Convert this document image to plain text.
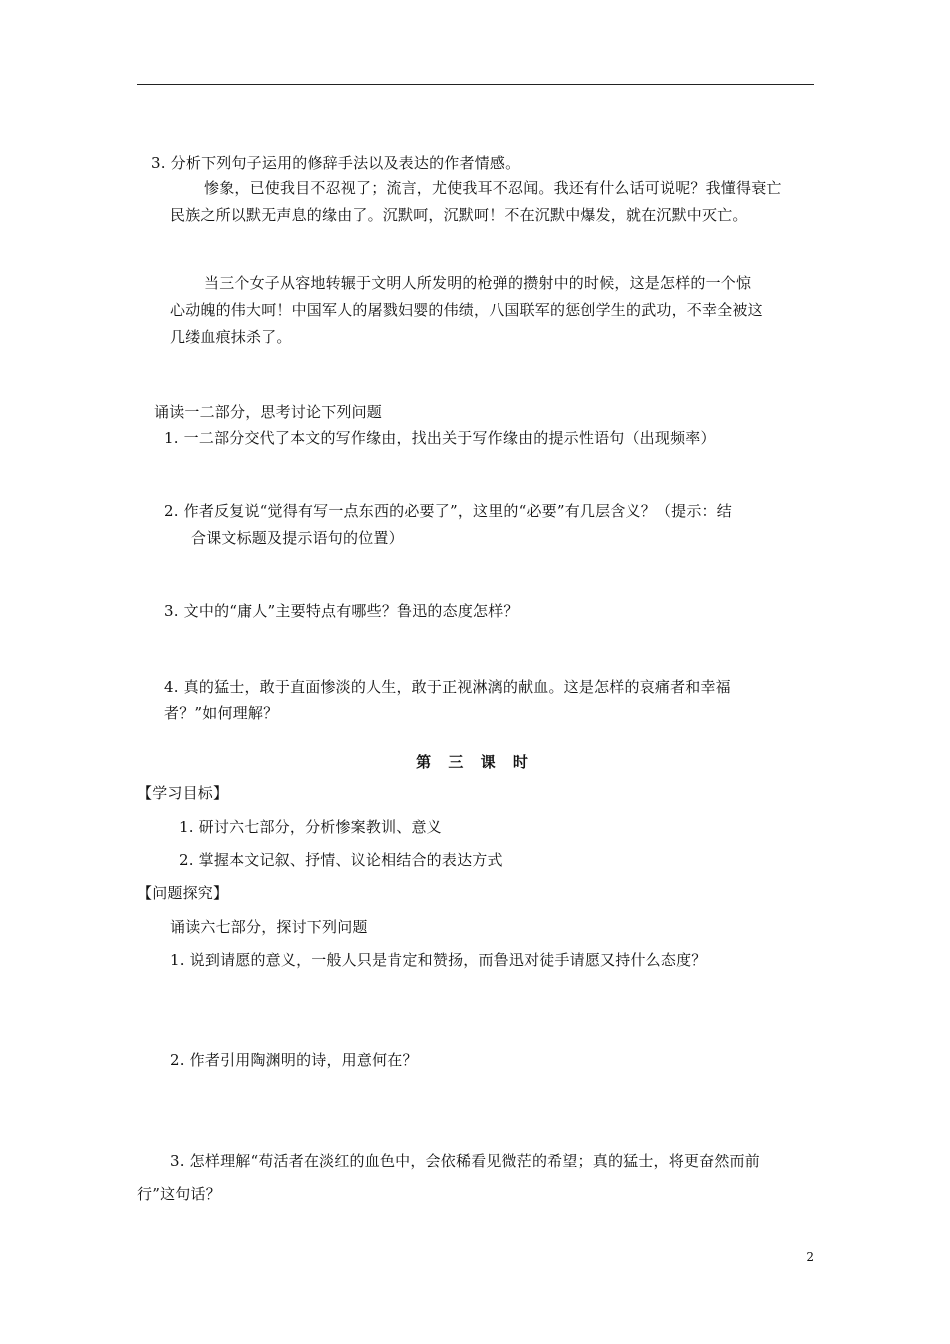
3. 分析下列句子运用的修辞手法以及表达的作者情感。
惨象，已使我目不忍视了；流言，尤使我耳不忍闻。我还有什么话可说呢？我懂得衰亡
民族之所以默无声息的缘由了。沉默呵，沉默呵！不在沉默中爆发，就在沉默中灭亡。
当三个女子从容地转辗于文明人所发明的枪弹的攒射中的时候，这是怎样的一个惊
心动魄的伟大呵！中国军人的屠戮妇婴的伟绩，八国联军的惩创学生的武功，不幸全被这
几缕血痕抹杀了。
诵读一二部分，思考讨论下列问题
1. 一二部分交代了本文的写作缘由，找出关于写作缘由的提示性语句（出现频率）
2. 作者反复说“觉得有写一点东西的必要了”，这里的“必要”有几层含义？（提示：结
合课文标题及提示语句的位置）
3. 文中的“庸人”主要特点有哪些？鲁迅的态度怎样？
4. 真的猛士，敢于直面惨淡的人生，敢于正视淋漓的献血。这是怎样的哀痛者和幸福
者？”如何理解？
第 三 课 时
【学习目标】
1. 研讨六七部分，分析惨案教训、意义
2. 掌握本文记叙、抒情、议论相结合的表达方式
【问题探究】
诵读六七部分，探讨下列问题
1. 说到请愿的意义，一般人只是肯定和赞扬，而鲁迅对徒手请愿又持什么态度？
2. 作者引用陶渊明的诗，用意何在？
3. 怎样理解“苟活者在淡红的血色中，会依稀看见微茫的希望；真的猛士，将更奋然而前
行”这句话？
2
